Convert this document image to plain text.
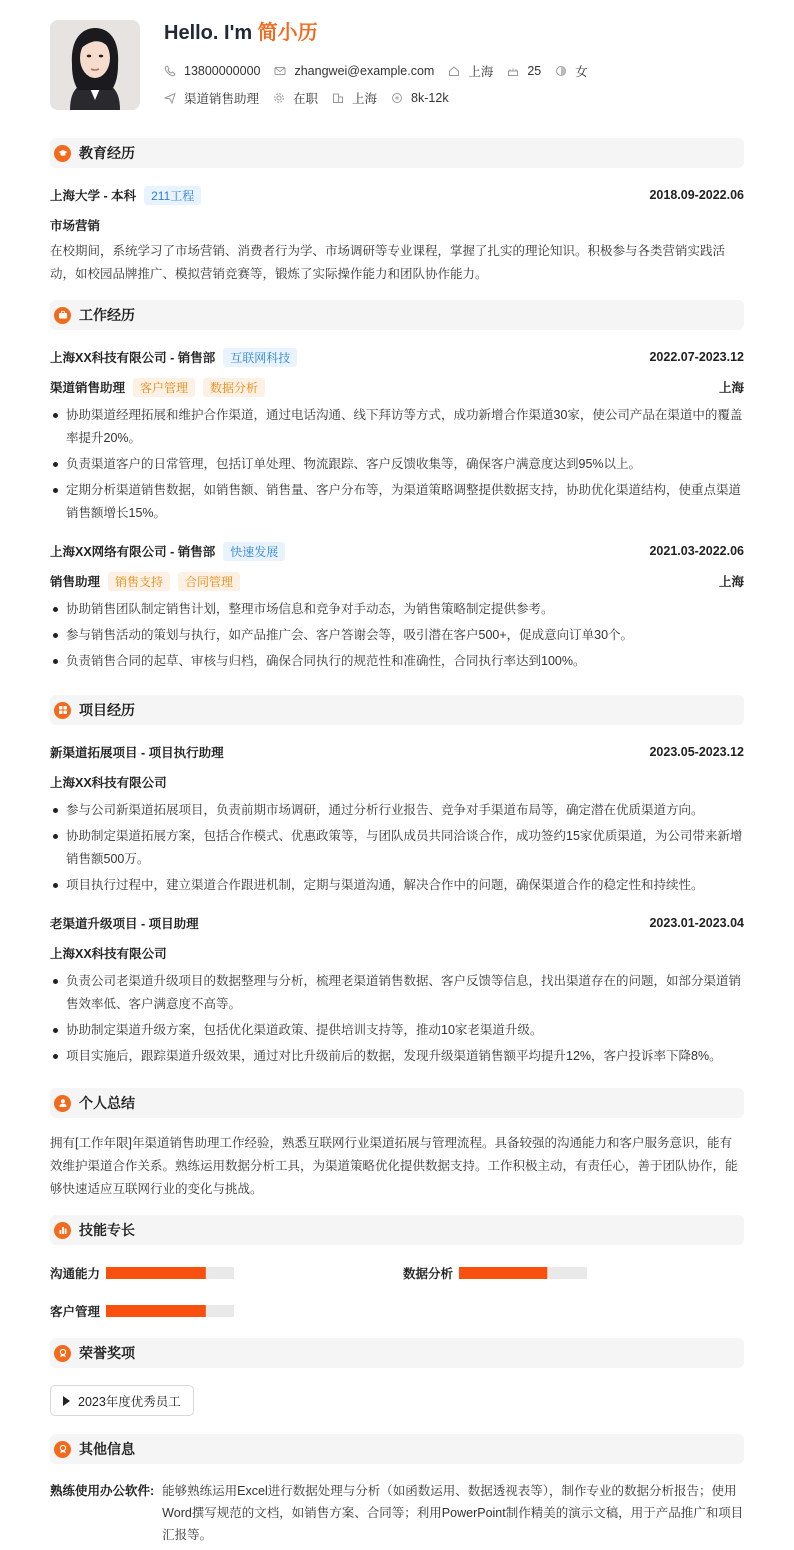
Hello. I'm 简小历
13800000000	zhangwei@example.com	上海	25	女
渠道销售助理	在职	上海	8k-12k
教育经历
上海大学 - 本科	211工程	2018.09-2022.06
市场营销
在校期间，系统学习了市场营销、消费者行为学、市场调研等专业课程，掌握了扎实的理论知识。积极参与各类营销实践活动，如校园品牌推广、模拟营销竞赛等，锻炼了实际操作能力和团队协作能力。
工作经历
上海XX科技有限公司 - 销售部	互联网科技	2022.07-2023.12
渠道销售助理	客户管理	数据分析	上海
协助渠道经理拓展和维护合作渠道，通过电话沟通、线下拜访等方式，成功新增合作渠道30家，使公司产品在渠道中的覆盖率提升20%。
负责渠道客户的日常管理，包括订单处理、物流跟踪、客户反馈收集等，确保客户满意度达到95%以上。
定期分析渠道销售数据，如销售额、销售量、客户分布等，为渠道策略调整提供数据支持，协助优化渠道结构，使重点渠道销售额增长15%。
上海XX网络有限公司 - 销售部	快速发展	2021.03-2022.06
销售助理	销售支持	合同管理	上海
协助销售团队制定销售计划，整理市场信息和竞争对手动态，为销售策略制定提供参考。
参与销售活动的策划与执行，如产品推广会、客户答谢会等，吸引潜在客户500+，促成意向订单30个。
负责销售合同的起草、审核与归档，确保合同执行的规范性和准确性，合同执行率达到100%。
项目经历
新渠道拓展项目 - 项目执行助理	2023.05-2023.12
上海XX科技有限公司
参与公司新渠道拓展项目，负责前期市场调研，通过分析行业报告、竞争对手渠道布局等，确定潜在优质渠道方向。
协助制定渠道拓展方案，包括合作模式、优惠政策等，与团队成员共同洽谈合作，成功签约15家优质渠道，为公司带来新增销售额500万。
项目执行过程中，建立渠道合作跟进机制，定期与渠道沟通，解决合作中的问题，确保渠道合作的稳定性和持续性。
老渠道升级项目 - 项目助理	2023.01-2023.04
上海XX科技有限公司
负责公司老渠道升级项目的数据整理与分析，梳理老渠道销售数据、客户反馈等信息，找出渠道存在的问题，如部分渠道销售效率低、客户满意度不高等。
协助制定渠道升级方案，包括优化渠道政策、提供培训支持等，推动10家老渠道升级。
项目实施后，跟踪渠道升级效果，通过对比升级前后的数据，发现升级渠道销售额平均提升12%，客户投诉率下降8%。
个人总结
拥有[工作年限]年渠道销售助理工作经验，熟悉互联网行业渠道拓展与管理流程。具备较强的沟通能力和客户服务意识，能有效维护渠道合作关系。熟练运用数据分析工具，为渠道策略优化提供数据支持。工作积极主动，有责任心，善于团队协作，能够快速适应互联网行业的变化与挑战。
技能专长
沟通能力	数据分析
客户管理
荣誉奖项
2023年度优秀员工
其他信息
熟练使用办公软件: 能够熟练运用Excel进行数据处理与分析（如函数运用、数据透视表等），制作专业的数据分析报告；使用Word撰写规范的文档，如销售方案、合同等；利用PowerPoint制作精美的演示文稿，用于产品推广和项目汇报等。
